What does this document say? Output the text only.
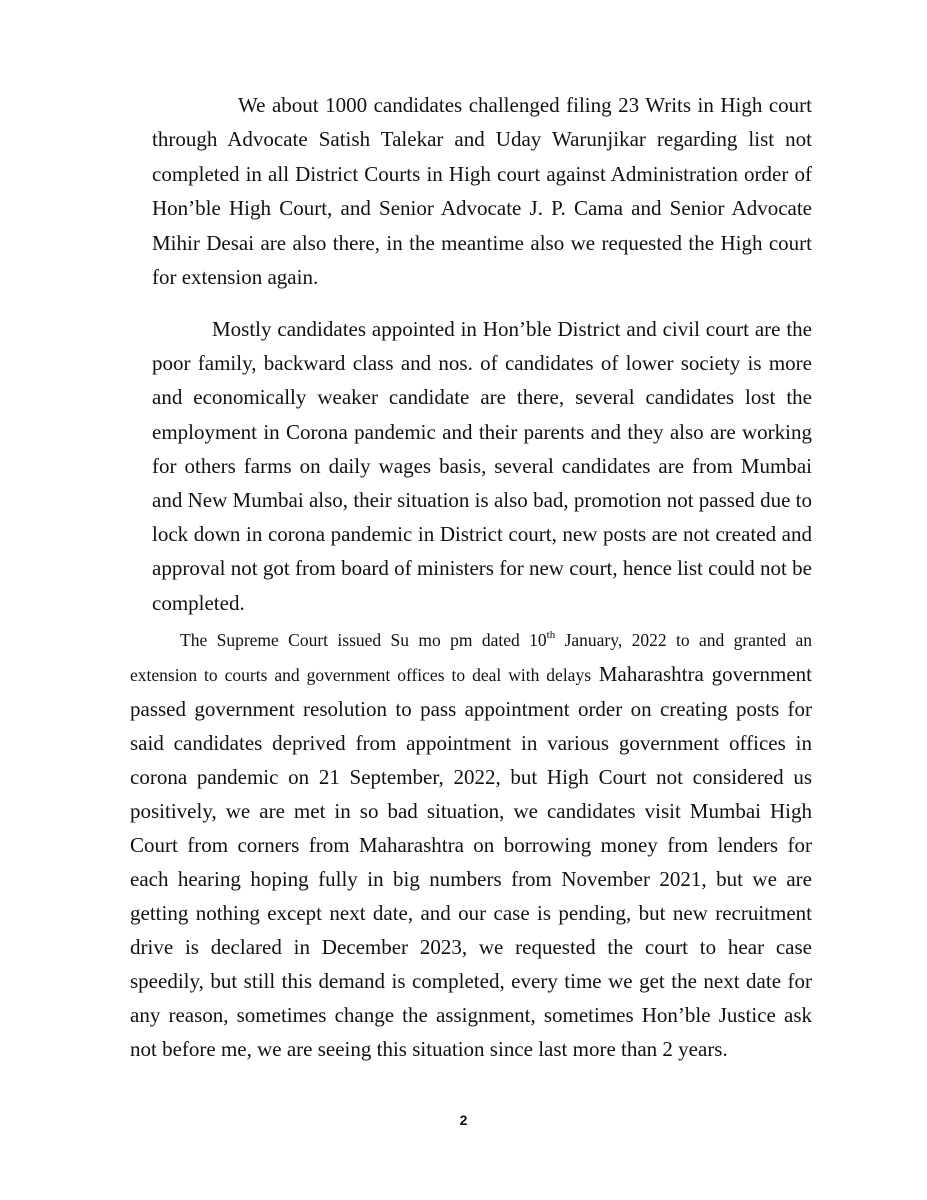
We about 1000 candidates challenged filing 23 Writs in High court through Advocate Satish Talekar and Uday Warunjikar regarding list not completed in all District Courts in High court against Administration order of Hon’ble High Court, and Senior Advocate J. P. Cama and Senior Advocate Mihir Desai are also there, in the meantime also we requested the High court for extension again.

Mostly candidates appointed in Hon’ble District and civil court are the poor family, backward class and nos. of candidates of lower society is more and economically weaker candidate are there, several candidates lost the employment in Corona pandemic and their parents and they also are working for others farms on daily wages basis, several candidates are from Mumbai and New Mumbai also, their situation is also bad, promotion not passed due to lock down in corona pandemic in District court, new posts are not created and approval not got from board of ministers for new court, hence list could not be completed.

The Supreme Court issued Su mo pm dated 10th January, 2022 to and granted an extension to courts and government offices to deal with delays Maharashtra government passed government resolution to pass appointment order on creating posts for said candidates deprived from appointment in various government offices in corona pandemic on 21 September, 2022, but High Court not considered us positively, we are met in so bad situation, we candidates visit Mumbai High Court from corners from Maharashtra on borrowing money from lenders for each hearing hoping fully in big numbers from November 2021, but we are getting nothing except next date, and our case is pending, but new recruitment drive is declared in December 2023, we requested the court to hear case speedily, but still this demand is completed, every time we get the next date for any reason, sometimes change the assignment, sometimes Hon’ble Justice ask not before me, we are seeing this situation since last more than 2 years.

2
